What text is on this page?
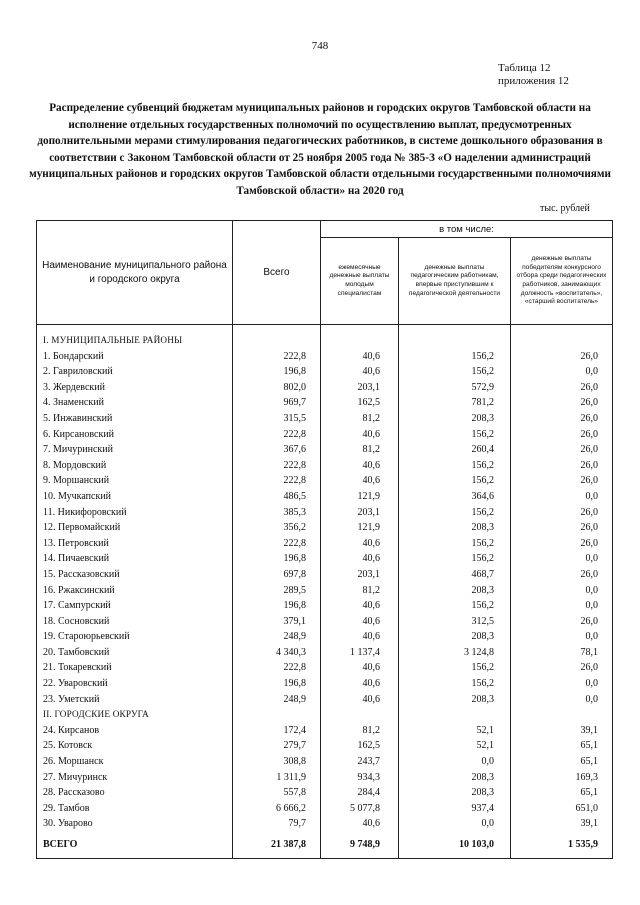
748
Таблица 12
приложения 12
Распределение субвенций бюджетам муниципальных районов и городских округов Тамбовской области на исполнение отдельных государственных полномочий по осуществлению выплат, предусмотренных дополнительными мерами стимулирования педагогических работников, в системе дошкольного образования в соответствии с Законом Тамбовской области от 25 ноября 2005 года № 385-З «О наделении администраций муниципальных районов и городских округов Тамбовской области отдельными государственными полномочиями Тамбовской области» на 2020 год
тыс. рублей
Наименование муниципального района и городского округа	Всего	в том числе:		
		ежемесячные денежные выплаты молодым специалистам	денежные выплаты педагогическим работникам, впервые приступившим к педагогической деятельности	денежные выплаты победителям конкурсного отбора среди педагогических работников, занимающих должность «воспитатель», «старший воспитатель»

I. МУНИЦИПАЛЬНЫЕ РАЙОНЫ				
1. Бондарский	222,8	40,6	156,2	26,0
2. Гавриловский	196,8	40,6	156,2	0,0
3. Жердевский	802,0	203,1	572,9	26,0
4. Знаменский	969,7	162,5	781,2	26,0
5. Инжавинский	315,5	81,2	208,3	26,0
6. Кирсановский	222,8	40,6	156,2	26,0
7. Мичуринский	367,6	81,2	260,4	26,0
8. Мордовский	222,8	40,6	156,2	26,0
9. Моршанский	222,8	40,6	156,2	26,0
10. Мучкапский	486,5	121,9	364,6	0,0
11. Никифоровский	385,3	203,1	156,2	26,0
12. Первомайский	356,2	121,9	208,3	26,0
13. Петровский	222,8	40,6	156,2	26,0
14. Пичаевский	196,8	40,6	156,2	0,0
15. Рассказовский	697,8	203,1	468,7	26,0
16. Ржаксинский	289,5	81,2	208,3	0,0
17. Сампурский	196,8	40,6	156,2	0,0
18. Сосновский	379,1	40,6	312,5	26,0
19. Староюрьевский	248,9	40,6	208,3	0,0
20. Тамбовский	4 340,3	1 137,4	3 124,8	78,1
21. Токаревский	222,8	40,6	156,2	26,0
22. Уваровский	196,8	40,6	156,2	0,0
23. Уметский	248,9	40,6	208,3	0,0
II. ГОРОДСКИЕ ОКРУГА				
24. Кирсанов	172,4	81,2	52,1	39,1
25. Котовск	279,7	162,5	52,1	65,1
26. Моршанск	308,8	243,7	0,0	65,1
27. Мичуринск	1 311,9	934,3	208,3	169,3
28. Рассказово	557,8	284,4	208,3	65,1
29. Тамбов	6 666,2	5 077,8	937,4	651,0
30. Уварово	79,7	40,6	0,0	39,1
ВСЕГО	21 387,8	9 748,9	10 103,0	1 535,9
